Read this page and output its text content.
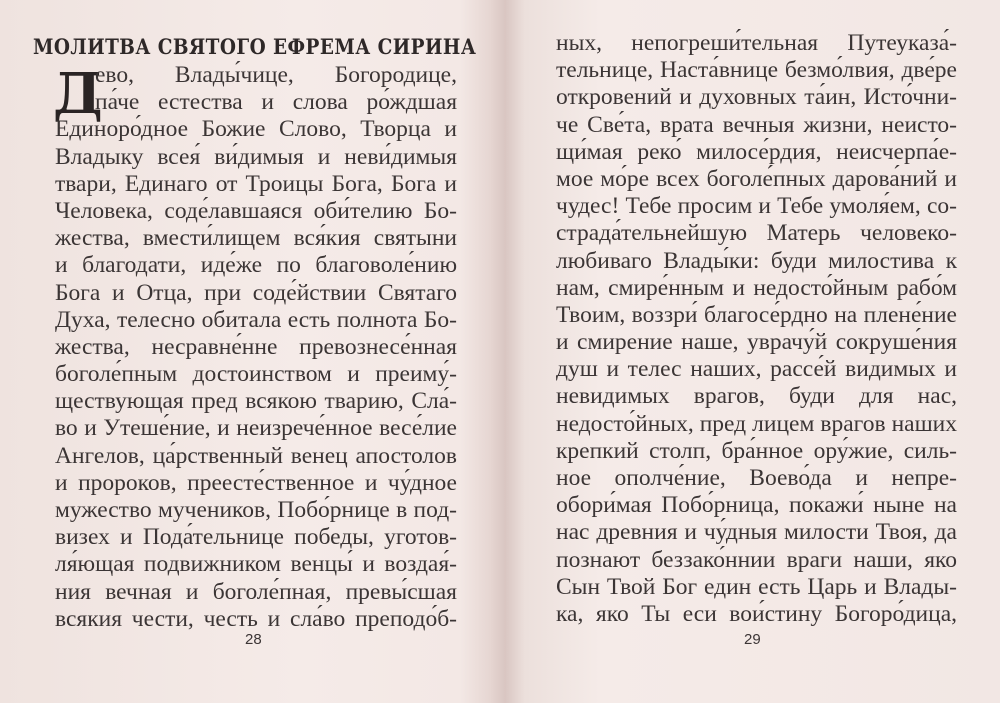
МОЛИТВА СВЯТОГО ЕФРЕМА СИРИНА
Д
ево, Влады́чице, Богородице,
па́че естества и слова ро́ждшая
Единоро́дное Божие Слово, Творца и
Владыку всея́ ви́димыя и неви́димыя
твари, Единаго от Троицы Бога, Бога и
Человека, соде́лавшаяся оби́телию Бо-
жества, вмести́лищем вся́кия святыни
и благодати, иде́же по благоволе́нию
Бога и Отца, при соде́йствии Святаго
Духа, телесно обитала есть полнота Бо-
жества, несравне́нне превознесе́нная
боголе́пным достоинством и преиму́-
ществующая пред всякою тварию, Сла́-
во и Утеше́ние, и неизрече́нное весе́лие
Ангелов, ца́рственный венец апостолов
и пророков, преесте́ственное и чу́дное
мужество мучеников, Побо́рнице в под-
визех и Пода́тельнице победы, уготов-
ля́ющая подвижником венцы́ и воздая́-
ния вечная и боголе́пная, превы́сшая
всякия чести, честь и сла́во преподо́б-
28
ных, непогреши́тельная Путеуказа́-
тельнице, Наста́внице безмо́лвия, две́ре
откровений и духовных та́ин, Исто́чни-
че Све́та, врата вечныя жизни, неисто-
щи́мая реко́ милосе́рдия, неисчерпа́е-
мое мо́ре всех боголе́пных дарова́ний и
чудес! Тебе просим и Тебе умоля́ем, со-
страда́тельнейшую Матерь человеко-
любиваго Влады́ки: буди милостива к
нам, смире́нным и недосто́йным рабо́м
Твоим, воззри́ благосе́рдно на плене́ние
и смирение наше, уврачу́й сокруше́ния
душ и телес наших, рассе́й видимых и
невидимых врагов, буди для нас,
недосто́йных, пред лицем врагов наших
крепкий столп, бра́нное ору́жие, силь-
ное ополче́ние, Воево́да и непре-
обори́мая Побо́рница, покажи́ ныне на
нас древния и чу́дныя милости Твоя, да
познают беззако́ннии враги наши, яко
Сын Твой Бог един есть Царь и Влады-
ка, яко Ты еси вои́стину Богоро́дица,
29
